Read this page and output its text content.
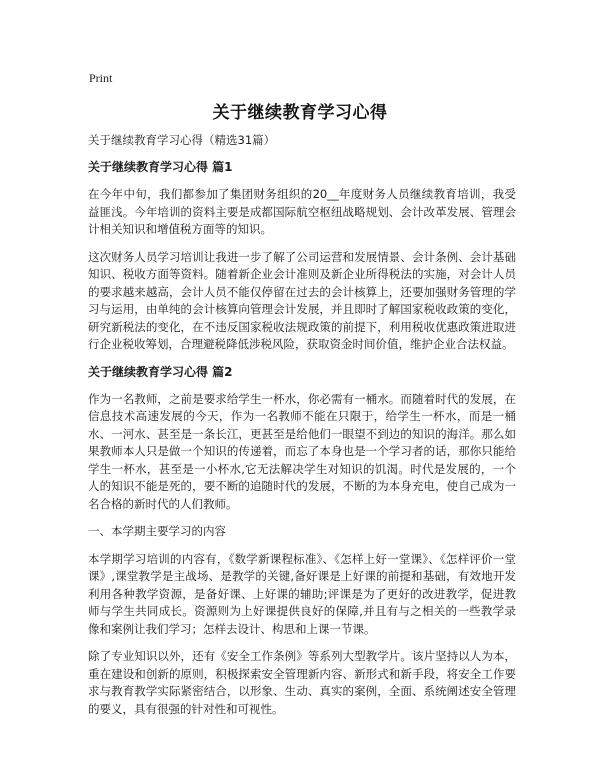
Print
关于继续教育学习心得

关于继续教育学习心得（精选31篇）

关于继续教育学习心得 篇1

在今年中旬，我们都参加了集团财务组织的20__年度财务人员继续教育培训，我受益匪浅。今年培训的资料主要是成都国际航空枢纽战略规划、会计改革发展、管理会计相关知识和增值税方面等的知识。

这次财务人员学习培训让我进一步了解了公司运营和发展情景、会计条例、会计基础知识、税收方面等资料。随着新企业会计准则及新企业所得税法的实施，对会计人员的要求越来越高，会计人员不能仅停留在过去的会计核算上，还要加强财务管理的学习与运用，由单纯的会计核算向管理会计发展，并且即时了解国家税收政策的变化，研究新税法的变化，在不违反国家税收法规政策的前提下，利用税收优惠政策进取进行企业税收筹划，合理避税降低涉税风险，获取资金时间价值，维护企业合法权益。

关于继续教育学习心得 篇2

作为一名教师，之前是要求给学生一杯水，你必需有一桶水。而随着时代的发展，在信息技术高速发展的今天，作为一名教师不能在只限于，给学生一杯水，而是一桶水、一河水、甚至是一条长江，更甚至是给他们一眼望不到边的知识的海洋。那么如果教师本人只是做一个知识的传递着，而忘了本身也是一个学习者的话，那你只能给学生一杯水，甚至是一小杯水,它无法解决学生对知识的饥渴。时代是发展的，一个人的知识不能是死的，要不断的追随时代的发展，不断的为本身充电，使自己成为一名合格的新时代的人们教师。

一、本学期主要学习的内容

本学期学习培训的内容有，《数学新课程标准》、《怎样上好一堂课》、《怎样评价一堂课》,课堂教学是主战场、是教学的关键,备好课是上好课的前提和基础，有效地开发利用各种教学资源，是备好课、上好课的辅助;评课是为了更好的改进教学，促进教师与学生共同成长。资源则为上好课提供良好的保障,并且有与之相关的一些教学录像和案例让我们学习；怎样去设计、构思和上课一节课。

除了专业知识以外，还有《安全工作条例》等系列大型教学片。该片坚持以人为本，重在建设和创新的原则，积极探索安全管理新内容、新形式和新手段，将安全工作要求与教育教学实际紧密结合，以形象、生动、真实的案例，全面、系统阐述安全管理的要义，具有很强的针对性和可视性。
